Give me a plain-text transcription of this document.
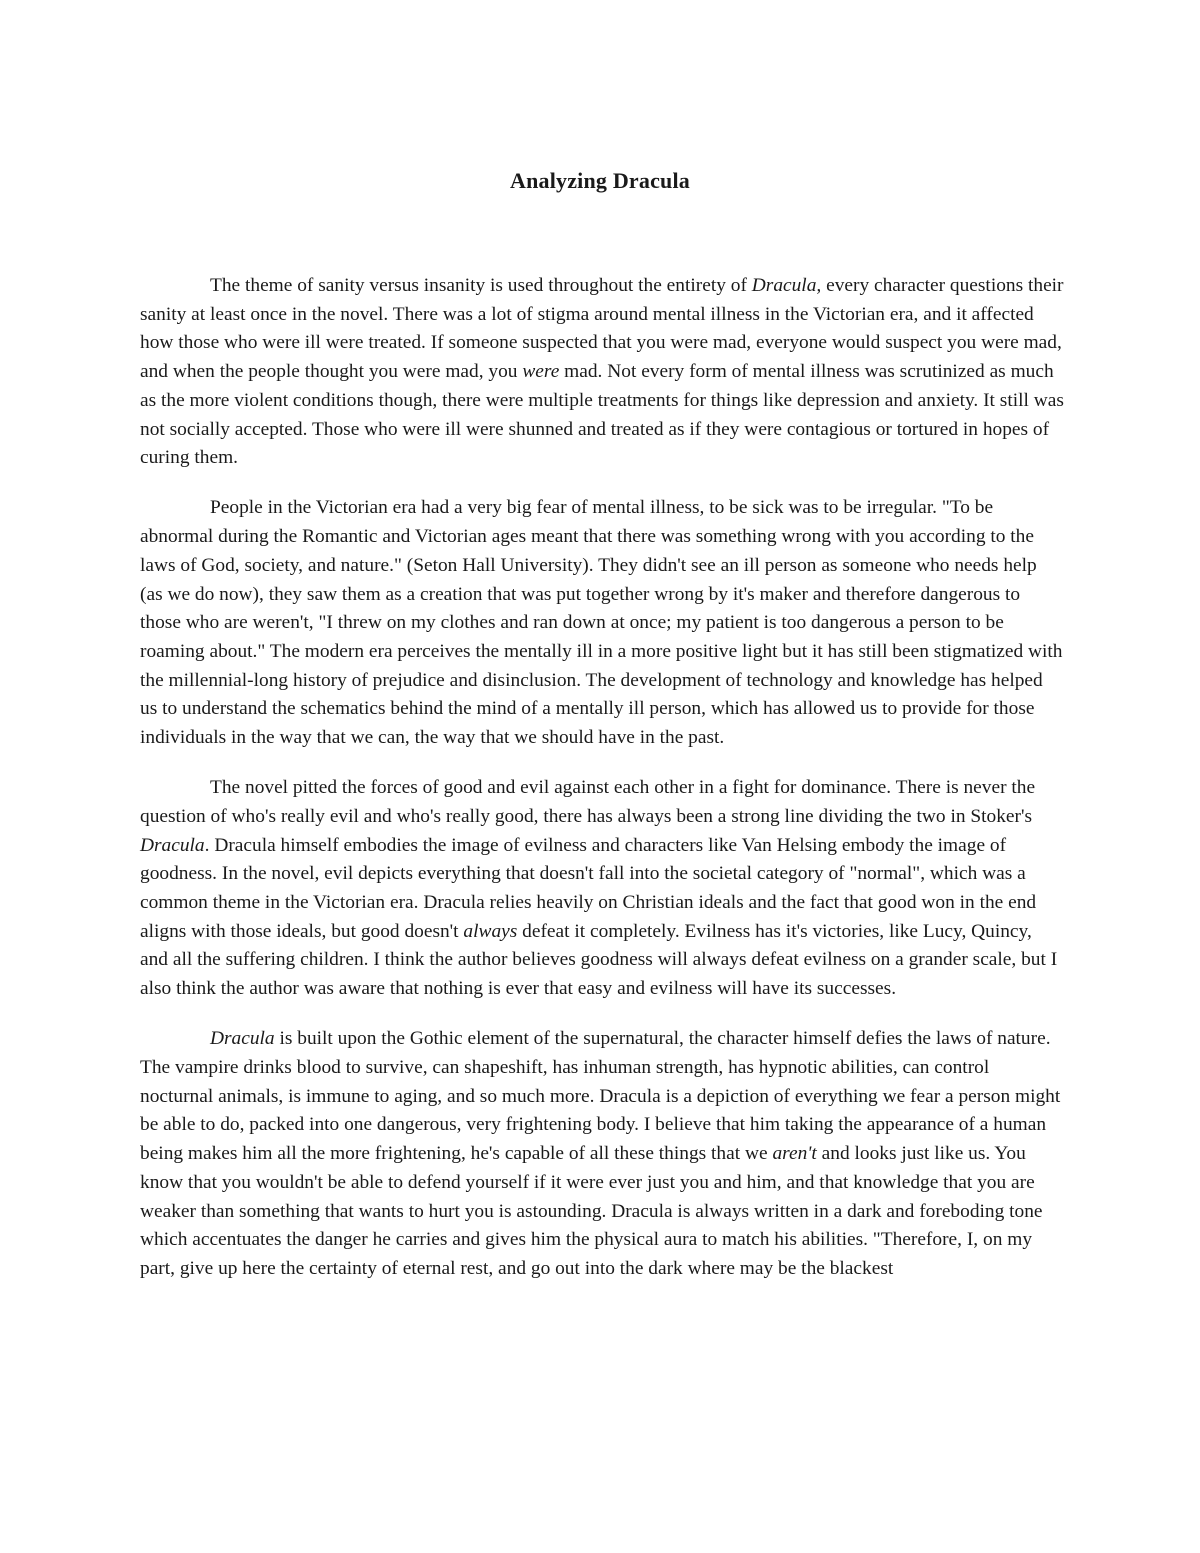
Analyzing Dracula

The theme of sanity versus insanity is used throughout the entirety of Dracula, every character questions their sanity at least once in the novel. There was a lot of stigma around mental illness in the Victorian era, and it affected how those who were ill were treated. If someone suspected that you were mad, everyone would suspect you were mad, and when the people thought you were mad, you were mad. Not every form of mental illness was scrutinized as much as the more violent conditions though, there were multiple treatments for things like depression and anxiety. It still was not socially accepted. Those who were ill were shunned and treated as if they were contagious or tortured in hopes of curing them.

People in the Victorian era had a very big fear of mental illness, to be sick was to be irregular. "To be abnormal during the Romantic and Victorian ages meant that there was something wrong with you according to the laws of God, society, and nature." (Seton Hall University). They didn't see an ill person as someone who needs help (as we do now), they saw them as a creation that was put together wrong by it's maker and therefore dangerous to those who are weren't, "I threw on my clothes and ran down at once; my patient is too dangerous a person to be roaming about." The modern era perceives the mentally ill in a more positive light but it has still been stigmatized with the millennial-long history of prejudice and disinclusion. The development of technology and knowledge has helped us to understand the schematics behind the mind of a mentally ill person, which has allowed us to provide for those individuals in the way that we can, the way that we should have in the past.

The novel pitted the forces of good and evil against each other in a fight for dominance. There is never the question of who's really evil and who's really good, there has always been a strong line dividing the two in Stoker's Dracula. Dracula himself embodies the image of evilness and characters like Van Helsing embody the image of goodness. In the novel, evil depicts everything that doesn't fall into the societal category of "normal", which was a common theme in the Victorian era. Dracula relies heavily on Christian ideals and the fact that good won in the end aligns with those ideals, but good doesn't always defeat it completely. Evilness has it's victories, like Lucy, Quincy, and all the suffering children. I think the author believes goodness will always defeat evilness on a grander scale, but I also think the author was aware that nothing is ever that easy and evilness will have its successes.

Dracula is built upon the Gothic element of the supernatural, the character himself defies the laws of nature. The vampire drinks blood to survive, can shapeshift, has inhuman strength, has hypnotic abilities, can control nocturnal animals, is immune to aging, and so much more. Dracula is a depiction of everything we fear a person might be able to do, packed into one dangerous, very frightening body. I believe that him taking the appearance of a human being makes him all the more frightening, he's capable of all these things that we aren't and looks just like us. You know that you wouldn't be able to defend yourself if it were ever just you and him, and that knowledge that you are weaker than something that wants to hurt you is astounding. Dracula is always written in a dark and foreboding tone which accentuates the danger he carries and gives him the physical aura to match his abilities. "Therefore, I, on my part, give up here the certainty of eternal rest, and go out into the dark where may be the blackest
